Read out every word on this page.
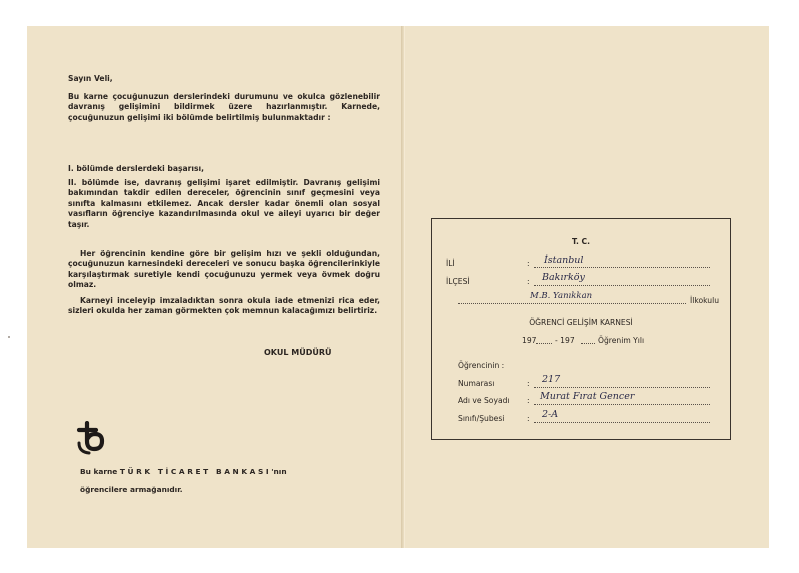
Sayın Veli,
Bu karne çocuğunuzun derslerindeki durumunu ve okulca gözlenebilir davranış gelişimini bildirmek üzere hazırlanmıştır. Karnede, çocuğunuzun gelişimi iki bölümde belirtilmiş bulunmaktadır :
I. bölümde derslerdeki başarısı,
II. bölümde ise, davranış gelişimi işaret edilmiştir. Davranış gelişimi bakımından takdir edilen dereceler, öğrencinin sınıf geçmesini veya sınıfta kalmasını etkilemez. Ancak dersler kadar önemli olan sosyal vasıfların öğrenciye kazandırılmasında okul ve aileyi uyarıcı bir değer taşır.
Her öğrencinin kendine göre bir gelişim hızı ve şekli olduğundan, çocuğunuzun karnesindeki dereceleri ve sonucu başka öğrencilerinkiyle karşılaştırmak suretiyle kendi çocuğunuzu yermek veya övmek doğru olmaz.
Karneyi inceleyip imzaladıktan sonra okula iade etmenizi rica eder, sizleri okulda her zaman görmekten çok memnun kalacağımızı belirtiriz.
OKUL MÜDÜRÜ
Bu karne TÜRK TİCARET BANKASI'nın
öğrencilere armağanıdır.
T. C.
İLİ	: İstanbul
İLÇESİ	: Bakırköy
M.B. Yanıkkan	İlkokulu
ÖĞRENCİ GELİŞİM KARNESİ
197 - 197	Öğrenim Yılı
Öğrencinin :
Numarası	: 217
Adı ve Soyadı : Murat Fırat Gencer
Sınıfı/Şubesi	: 2-A
